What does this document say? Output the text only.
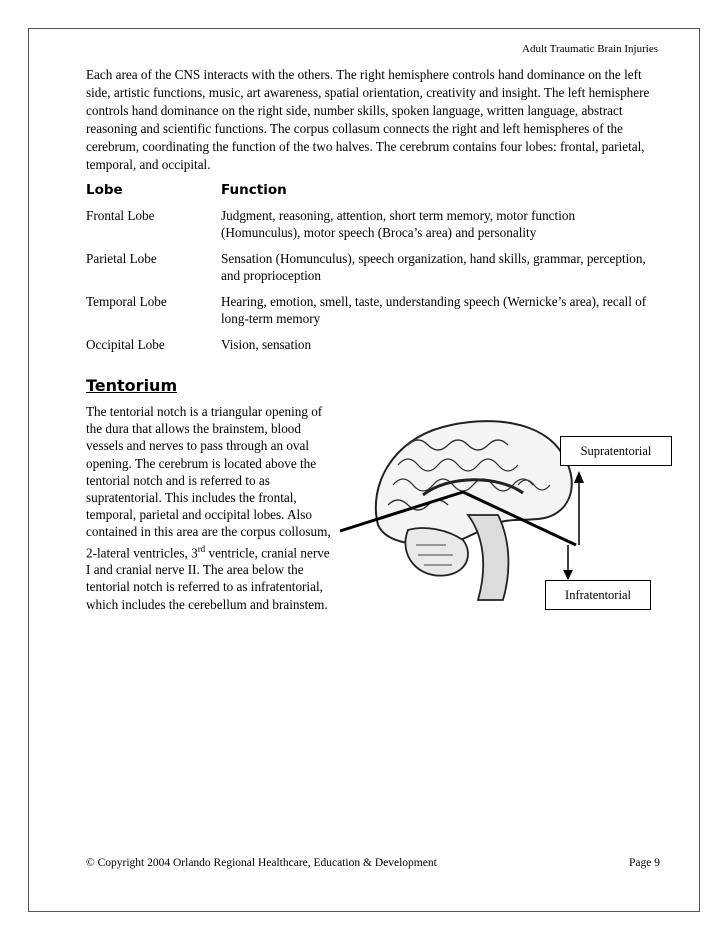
Adult Traumatic Brain Injuries

Each area of the CNS interacts with the others. The right hemisphere controls hand dominance on the left side, artistic functions, music, art awareness, spatial orientation, creativity and insight. The left hemisphere controls hand dominance on the right side, number skills, spoken language, written language, abstract reasoning and scientific functions. The corpus collasum connects the right and left hemispheres of the cerebrum, coordinating the function of the two halves. The cerebrum contains four lobes: frontal, parietal, temporal, and occipital.

Lobe	Function
Frontal Lobe	Judgment, reasoning, attention, short term memory, motor function (Homunculus), motor speech (Broca’s area) and personality
Parietal Lobe	Sensation (Homunculus), speech organization, hand skills, grammar, perception, and proprioception
Temporal Lobe	Hearing, emotion, smell, taste, understanding speech (Wernicke’s area), recall of long-term memory
Occipital Lobe	Vision, sensation
Tentorium

The tentorial notch is a triangular opening of the dura that allows the brainstem, blood vessels and nerves to pass through an oval opening. The cerebrum is located above the tentorial notch and is referred to as supratentorial. This includes the frontal, temporal, parietal and occipital lobes. Also contained in this area are the corpus collosum, 2-lateral ventricles, 3rd ventricle, cranial nerve I and cranial nerve II. The area below the tentorial notch is referred to as infratentorial, which includes the cerebellum and brainstem.

Supratentorial
Infratentorial
© Copyright 2004 Orlando Regional Healthcare, Education & Development	Page 9
